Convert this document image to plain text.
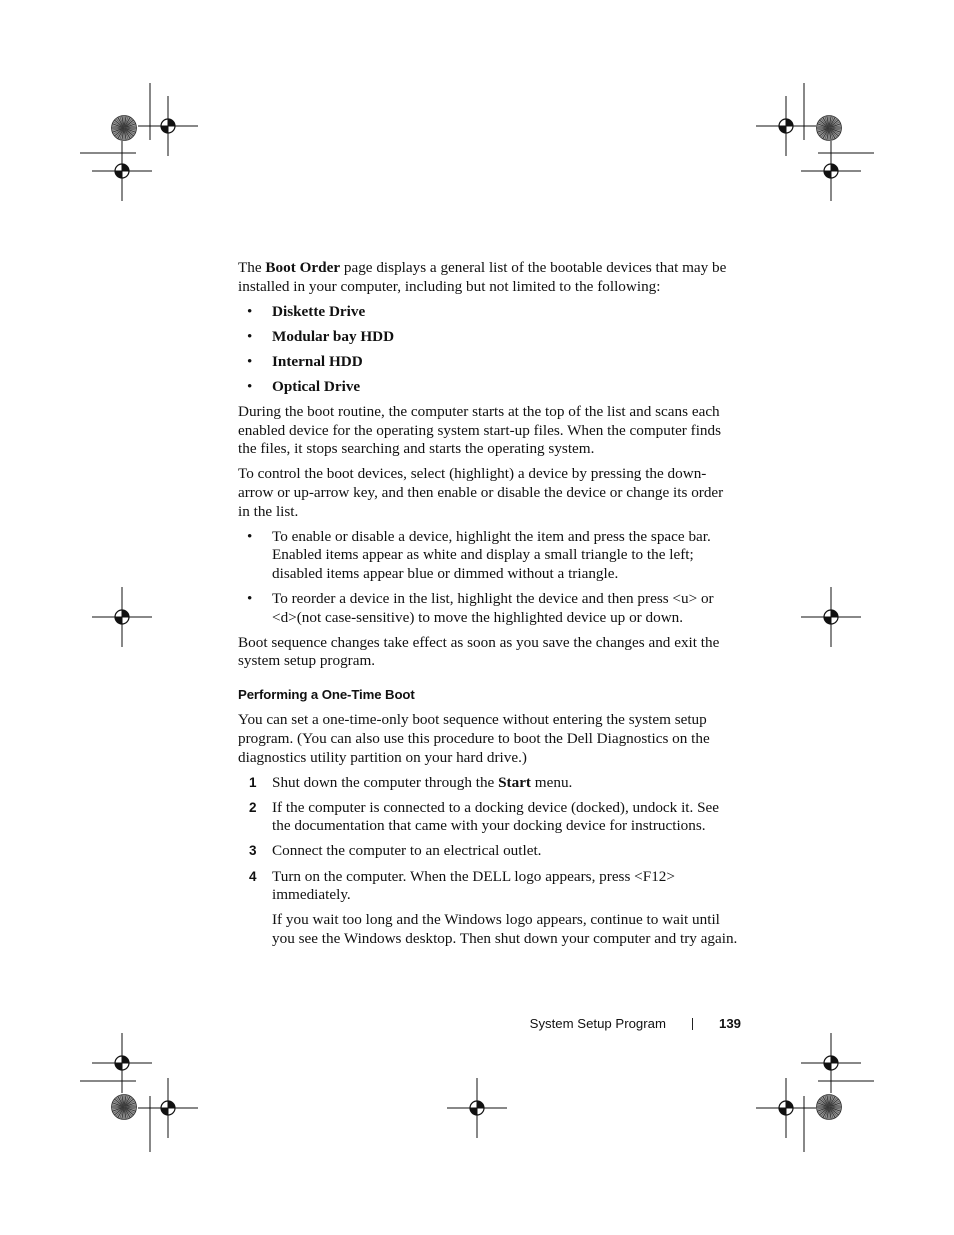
The Boot Order page displays a general list of the bootable devices that may be installed in your computer, including but not limited to the following:

• Diskette Drive
• Modular bay HDD
• Internal HDD
• Optical Drive

During the boot routine, the computer starts at the top of the list and scans each enabled device for the operating system start-up files. When the computer finds the files, it stops searching and starts the operating system.

To control the boot devices, select (highlight) a device by pressing the down-arrow or up-arrow key, and then enable or disable the device or change its order in the list.

• To enable or disable a device, highlight the item and press the space bar. Enabled items appear as white and display a small triangle to the left; disabled items appear blue or dimmed without a triangle.
• To reorder a device in the list, highlight the device and then press <u> or <d>(not case-sensitive) to move the highlighted device up or down.

Boot sequence changes take effect as soon as you save the changes and exit the system setup program.

Performing a One-Time Boot

You can set a one-time-only boot sequence without entering the system setup program. (You can also use this procedure to boot the Dell Diagnostics on the diagnostics utility partition on your hard drive.)

1 Shut down the computer through the Start menu.
2 If the computer is connected to a docking device (docked), undock it. See the documentation that came with your docking device for instructions.
3 Connect the computer to an electrical outlet.
4 Turn on the computer. When the DELL logo appears, press <F12> immediately.

If you wait too long and the Windows logo appears, continue to wait until you see the Windows desktop. Then shut down your computer and try again.

System Setup Program	139
